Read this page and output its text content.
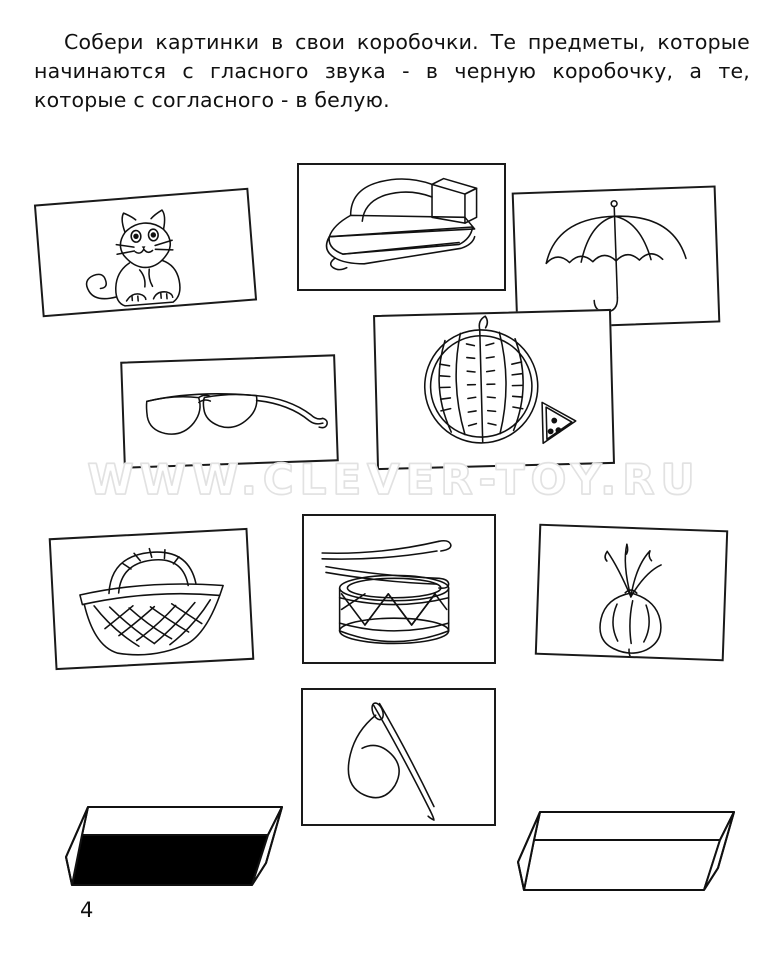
Собери картинки в свои коробочки. Те предметы, которые начинаются с гласного звука - в черную коробочку, а те, которые с согласного - в белую.
WWW.CLEVER-TOY.RU
4
